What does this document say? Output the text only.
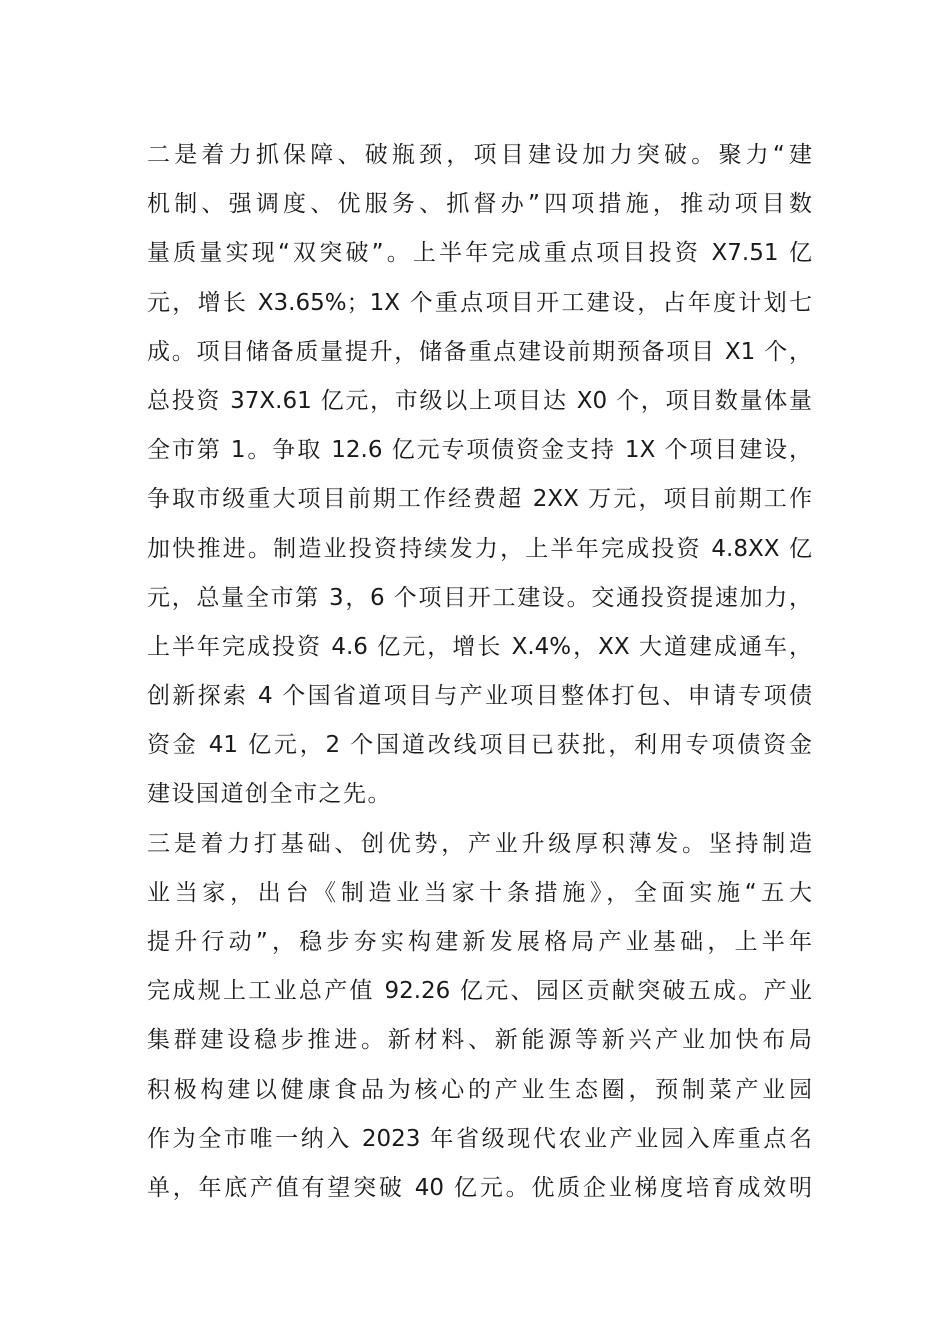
二是着力抓保障、破瓶颈，项目建设加力突破。聚力“建
机制、强调度、优服务、抓督办”四项措施，推动项目数
量质量实现“双突破”。上半年完成重点项目投资 X7.51 亿
元，增长 X3.65%；1X 个重点项目开工建设，占年度计划七
成。项目储备质量提升，储备重点建设前期预备项目 X1 个，
总投资 37X.61 亿元，市级以上项目达 X0 个，项目数量体量
全市第 1。争取 12.6 亿元专项债资金支持 1X 个项目建设，
争取市级重大项目前期工作经费超 2XX 万元，项目前期工作
加快推进。制造业投资持续发力，上半年完成投资 4.8XX 亿
元，总量全市第 3，6 个项目开工建设。交通投资提速加力，
上半年完成投资 4.6 亿元，增长 X.4%，XX 大道建成通车，
创新探索 4 个国省道项目与产业项目整体打包、申请专项债
资金 41 亿元，2 个国道改线项目已获批，利用专项债资金
建设国道创全市之先。
三是着力打基础、创优势，产业升级厚积薄发。坚持制造
业当家，出台《制造业当家十条措施》，全面实施“五大
提升行动”，稳步夯实构建新发展格局产业基础，上半年
完成规上工业总产值 92.26 亿元、园区贡献突破五成。产业
集群建设稳步推进。新材料、新能源等新兴产业加快布局
积极构建以健康食品为核心的产业生态圈，预制菜产业园
作为全市唯一纳入 2023 年省级现代农业产业园入库重点名
单，年底产值有望突破 40 亿元。优质企业梯度培育成效明
